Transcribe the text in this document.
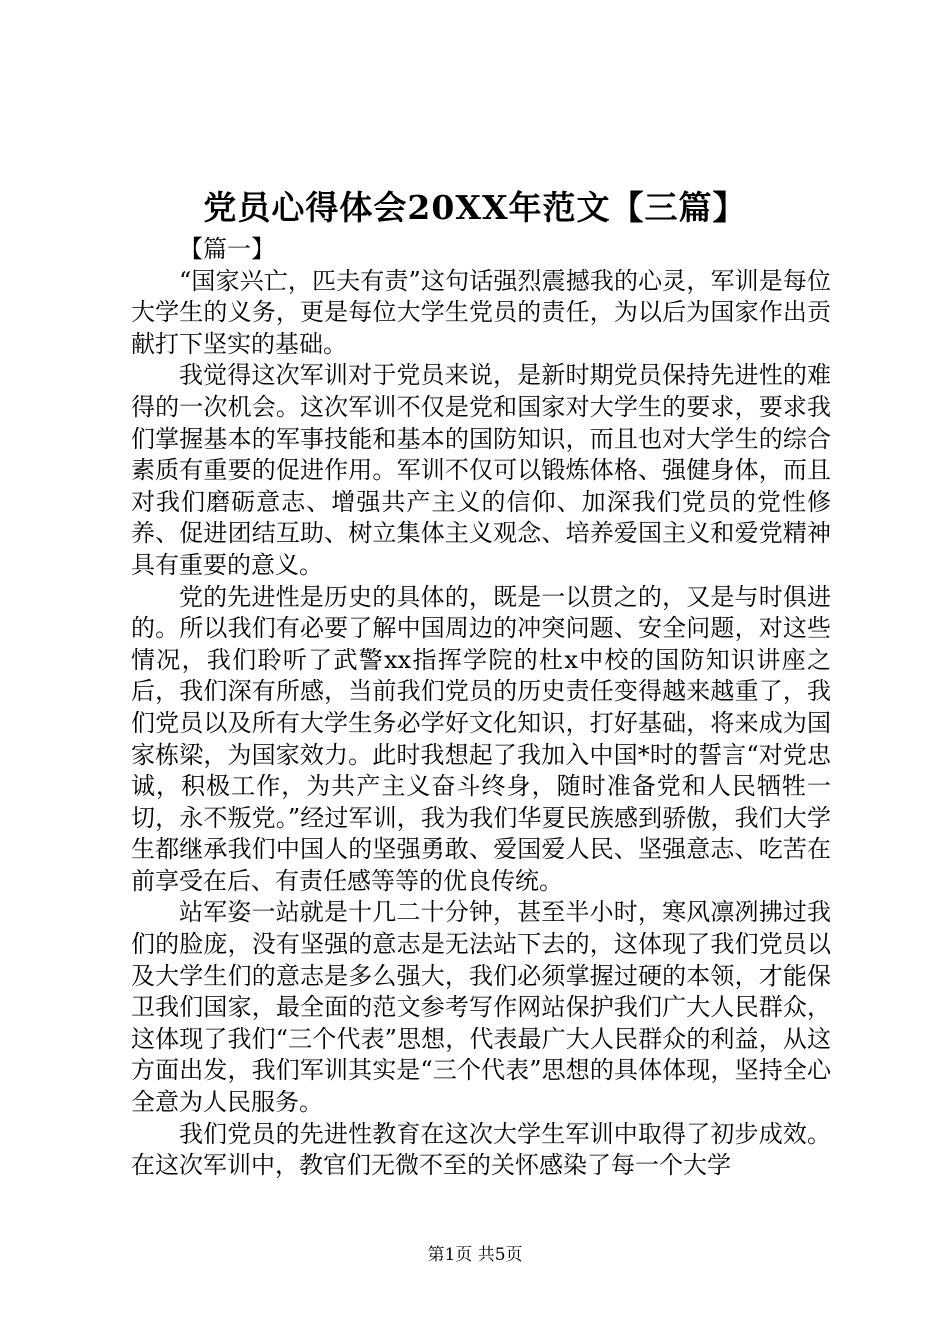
党员心得体会20XX年范文【三篇】

【篇一】

“国家兴亡，匹夫有责”这句话强烈震撼我的心灵，军训是每位大学生的义务，更是每位大学生党员的责任，为以后为国家作出贡献打下坚实的基础。

我觉得这次军训对于党员来说，是新时期党员保持先进性的难得的一次机会。这次军训不仅是党和国家对大学生的要求，要求我们掌握基本的军事技能和基本的国防知识，而且也对大学生的综合素质有重要的促进作用。军训不仅可以锻炼体格、强健身体，而且对我们磨砺意志、增强共产主义的信仰、加深我们党员的党性修养、促进团结互助、树立集体主义观念、培养爱国主义和爱党精神具有重要的意义。

党的先进性是历史的具体的，既是一以贯之的，又是与时俱进的。所以我们有必要了解中国周边的冲突问题、安全问题，对这些情况，我们聆听了武警xx指挥学院的杜x中校的国防知识讲座之后，我们深有所感，当前我们党员的历史责任变得越来越重了，我们党员以及所有大学生务必学好文化知识，打好基础，将来成为国家栋梁，为国家效力。此时我想起了我加入中国*时的誓言“对党忠诚，积极工作，为共产主义奋斗终身，随时准备党和人民牺牲一切，永不叛党。”经过军训，我为我们华夏民族感到骄傲，我们大学生都继承我们中国人的坚强勇敢、爱国爱人民、坚强意志、吃苦在前享受在后、有责任感等等的优良传统。

站军姿一站就是十几二十分钟，甚至半小时，寒风凛冽拂过我们的脸庞，没有坚强的意志是无法站下去的，这体现了我们党员以及大学生们的意志是多么强大，我们必须掌握过硬的本领，才能保卫我们国家，最全面的范文参考写作网站保护我们广大人民群众，这体现了我们“三个代表”思想，代表最广大人民群众的利益，从这方面出发，我们军训其实是“三个代表”思想的具体体现，坚持全心全意为人民服务。

我们党员的先进性教育在这次大学生军训中取得了初步成效。在这次军训中，教官们无微不至的关怀感染了每一个大学

第1页 共5页
